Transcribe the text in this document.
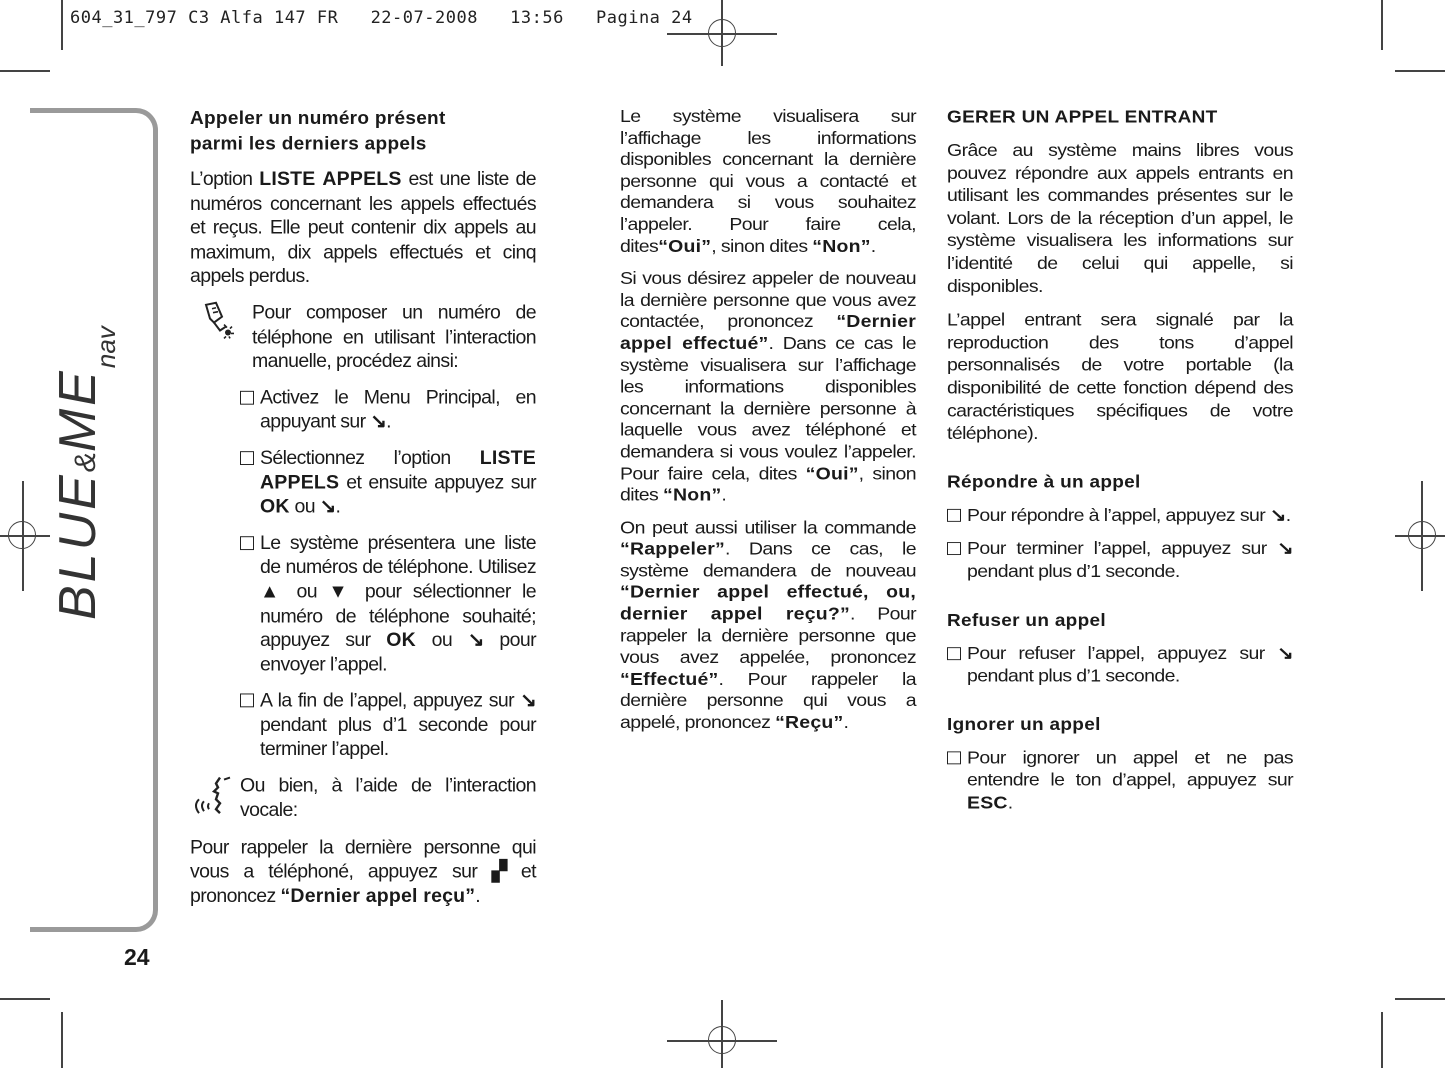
604_31_797 C3 Alfa 147 FR   22-07-2008   13:56   Pagina 24
BLUE&MEnav
24
Appeler un numéro présent
parmi les derniers appels

L’option LISTE APPELS est une liste de numéros concernant les appels effectués et reçus. Elle peut contenir dix appels au maximum, dix appels effectués et cinq appels perdus.

Pour composer un numéro de téléphone en utilisant l’interaction manuelle, procédez ainsi:
Activez le Menu Principal, en appuyant sur ↘.
Sélectionnez l’option LISTE APPELS et ensuite appuyez sur OK ou ↘.
Le système présentera une liste de numéros de téléphone. Utilisez ▲ ou ▼ pour sélectionner le numéro de téléphone souhaité; appuyez sur OK ou ↘ pour envoyer l’appel.
A la fin de l’appel, appuyez sur ↘ pendant plus d’1 seconde pour terminer l’appel.
Ou bien, à l’aide de l’interaction vocale:

Pour rappeler la dernière personne qui vous a téléphoné, appuyez sur ▞ et prononcez “Dernier appel reçu”.

Le système visualisera sur l’affichage les informations disponibles concernant la dernière personne qui vous a contacté et demandera si vous souhaitez l’appeler. Pour faire cela, dites“Oui”, sinon dites “Non”.

Si vous désirez appeler de nouveau la dernière personne que vous avez contactée, prononcez “Dernier appel effectué”. Dans ce cas le système visualisera sur l’affichage les informations disponibles concernant la dernière personne à laquelle vous avez téléphoné et demandera si vous voulez l’appeler. Pour faire cela, dites “Oui”, sinon dites “Non”.

On peut aussi utiliser la commande “Rappeler”. Dans ce cas, le système demandera de nouveau “Dernier appel effectué, ou, dernier appel reçu?”. Pour rappeler la dernière personne que vous avez appelée, prononcez “Effectué”. Pour rappeler la dernière personne qui vous a appelé, prononcez “Reçu”.

GERER UN APPEL ENTRANT

Grâce au système mains libres vous pouvez répondre aux appels entrants en utilisant les commandes présentes sur le volant. Lors de la réception d’un appel, le système visualisera les informations sur l’identité de celui qui appelle, si disponibles.

L’appel entrant sera signalé par la reproduction des tons d’appel personnalisés de votre portable (la disponibilité de cette fonction dépend des caractéristiques spécifiques de votre téléphone).

Répondre à un appel
Pour répondre à l’appel, appuyez sur ↘.
Pour terminer l’appel, appuyez sur ↘ pendant plus d’1 seconde.
Refuser un appel
Pour refuser l’appel, appuyez sur ↘ pendant plus d’1 seconde.
Ignorer un appel
Pour ignorer un appel et ne pas entendre le ton d’appel, appuyez sur ESC.
